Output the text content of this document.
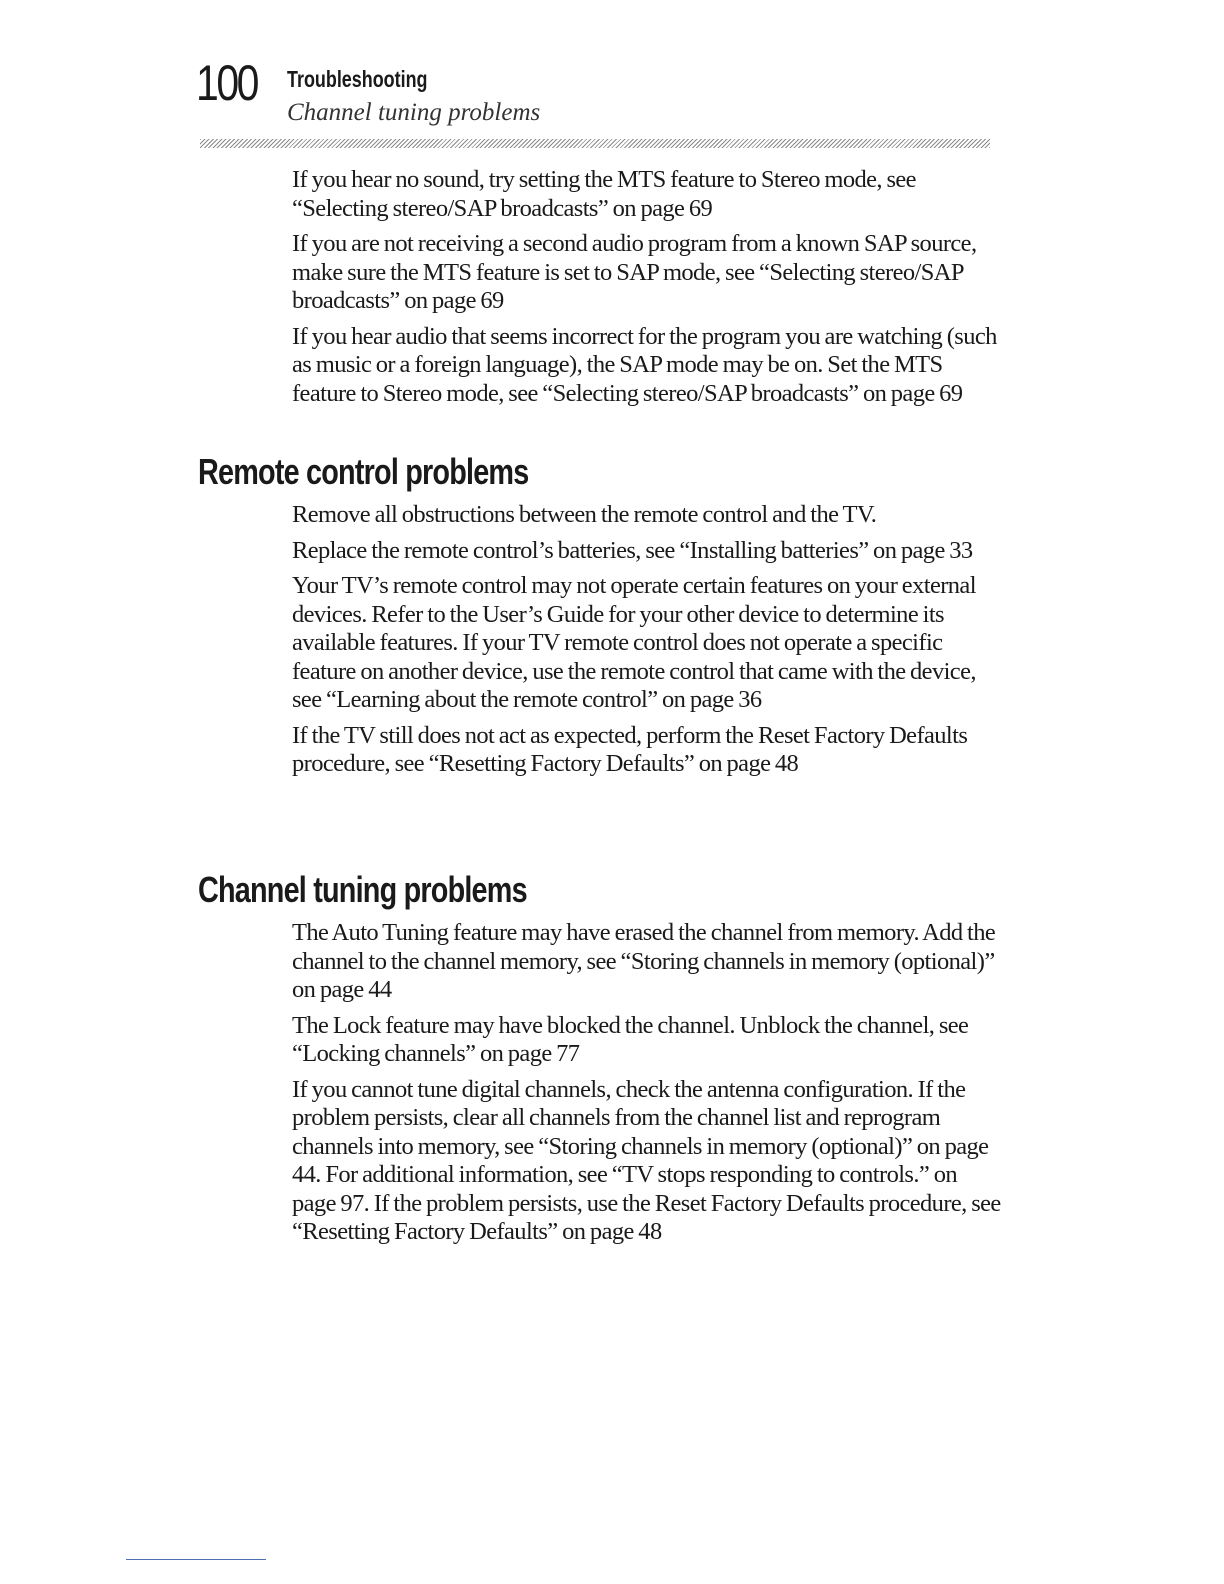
100 Troubleshooting
Channel tuning problems

If you hear no sound, try setting the MTS feature to Stereo mode, see “Selecting stereo/SAP broadcasts” on page 69

If you are not receiving a second audio program from a known SAP source, make sure the MTS feature is set to SAP mode, see “Selecting stereo/SAP broadcasts” on page 69

If you hear audio that seems incorrect for the program you are watching (such as music or a foreign language), the SAP mode may be on. Set the MTS feature to Stereo mode, see “Selecting stereo/SAP broadcasts” on page 69

Remote control problems

Remove all obstructions between the remote control and the TV.

Replace the remote control’s batteries, see “Installing batteries” on page 33

Your TV’s remote control may not operate certain features on your external devices. Refer to the User’s Guide for your other device to determine its available features. If your TV remote control does not operate a specific feature on another device, use the remote control that came with the device, see “Learning about the remote control” on page 36

If the TV still does not act as expected, perform the Reset Factory Defaults procedure, see “Resetting Factory Defaults” on page 48

Channel tuning problems

The Auto Tuning feature may have erased the channel from memory. Add the channel to the channel memory, see “Storing channels in memory (optional)” on page 44

The Lock feature may have blocked the channel. Unblock the channel, see “Locking channels” on page 77

If you cannot tune digital channels, check the antenna configuration. If the problem persists, clear all channels from the channel list and reprogram channels into memory, see “Storing channels in memory (optional)” on page 44. For additional information, see “TV stops responding to controls.” on page 97. If the problem persists, use the Reset Factory Defaults procedure, see “Resetting Factory Defaults” on page 48
